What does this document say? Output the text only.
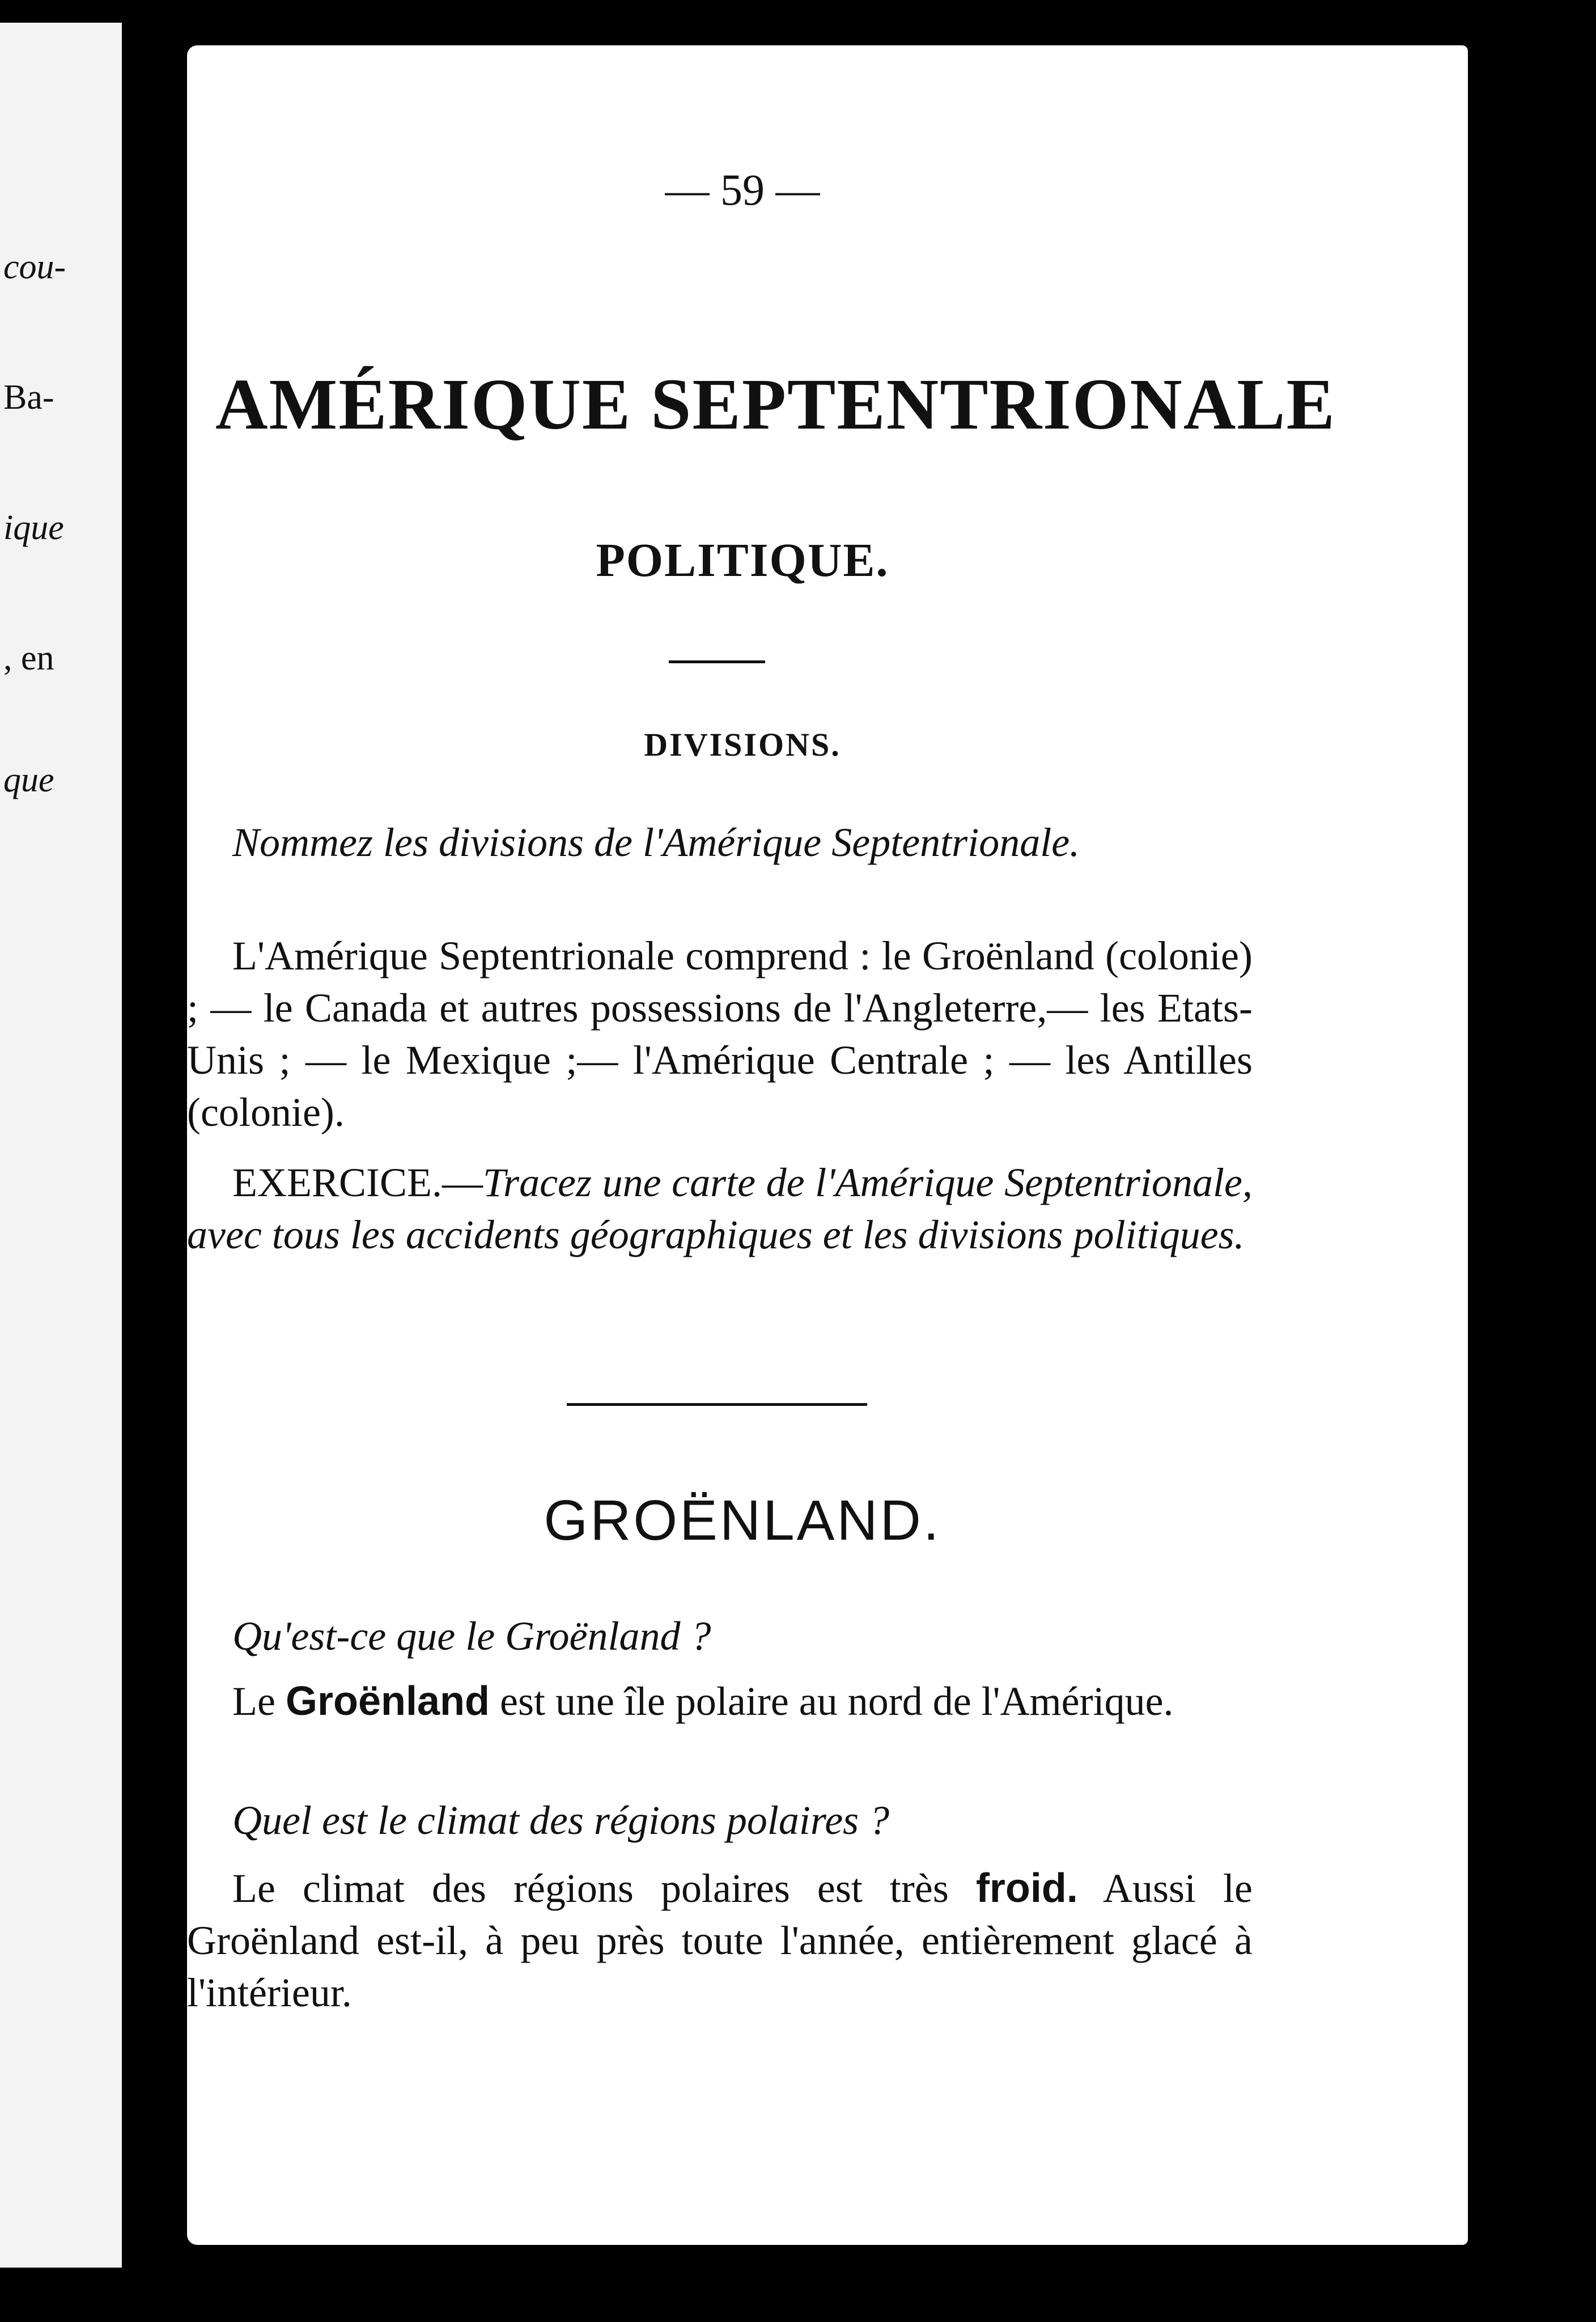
cou-
Ba-
ique
, en
que
— 59 —
AMÉRIQUE SEPTENTRIONALE
POLITIQUE.
DIVISIONS.
Nommez les divisions de l'Amérique Septentrionale.
L'Amérique Septentrionale comprend : le Groënland (colonie) ; — le Canada et autres possessions de l'Angleterre,— les Etats-Unis ; — le Mexique ;— l'Amérique Centrale ; — les Antilles (colonie).
EXERCICE.—Tracez une carte de l'Amérique Septentrionale, avec tous les accidents géographiques et les divisions politiques.
GROËNLAND.
Qu'est-ce que le Groënland ?
Le Groënland est une île polaire au nord de l'Amérique.
Quel est le climat des régions polaires ?
Le climat des régions polaires est très froid. Aussi le Groënland est-il, à peu près toute l'année, entièrement glacé à l'intérieur.
